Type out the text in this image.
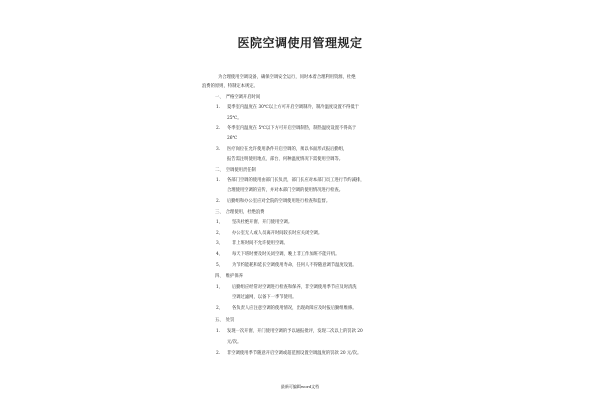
医院空调使用管理规定
为合理使用空调设备，确保空调安全运行，同时本着合理利用资源，杜绝
浪费的原则，特制定本规定。
一、　严格空调开启时间
1. 夏季室内温度在 30℃以上方可开启空调制冷，制冷温度设置不得低于
25℃。
2. 冬季室内温度在 5℃以下方可开启空调制热，制热温度设置不得高于
26℃
3. 医疗岗位在允许使用条件开启空调的，须以书面形式报后勤组，
报告需注明使用地点、部台、何种温度情况下需使用空调等。
二、　空调使用责任制
1. 各部门空调的使用由部门长负责，部门长应对本部门员工进行节约减排，
合理使用空调的宣传，并对本部门空调的使用情况进行检查。
2. 后勤组和办公室应对全院的空调使用进行检查和监督。
三、　合理使用，杜绝浪费
1、 坚决杜绝开窗、开门使用空调。
2、 办公室无人或人员离开时间较长时应关闭空调。
3、 非上班时间不允许使用空调。
4、 每天下班时要及时关闭空调，晚上非工作加班不能开机。
5、 为节约能耗和延长空调使用寿命，任何人不得随意调节温度设置。
四、　维护保养
1、 后勤组应经常对空调进行检查和保养，非空调使用季节应及时清洗
空调过滤网，以备下一季节使用。
2、 各负责人应注意空调的使用情况，出现故障应及时报后勤组维修。
五、　处罚
1. 发现一次开窗、开门使用空调的予以通报批评，发现二次以上的罚款 20
元/次。
2. 非空调使用季节随意开启空调或超范围设置空调温度的罚款 20 元/次。
最新可编辑word文档
